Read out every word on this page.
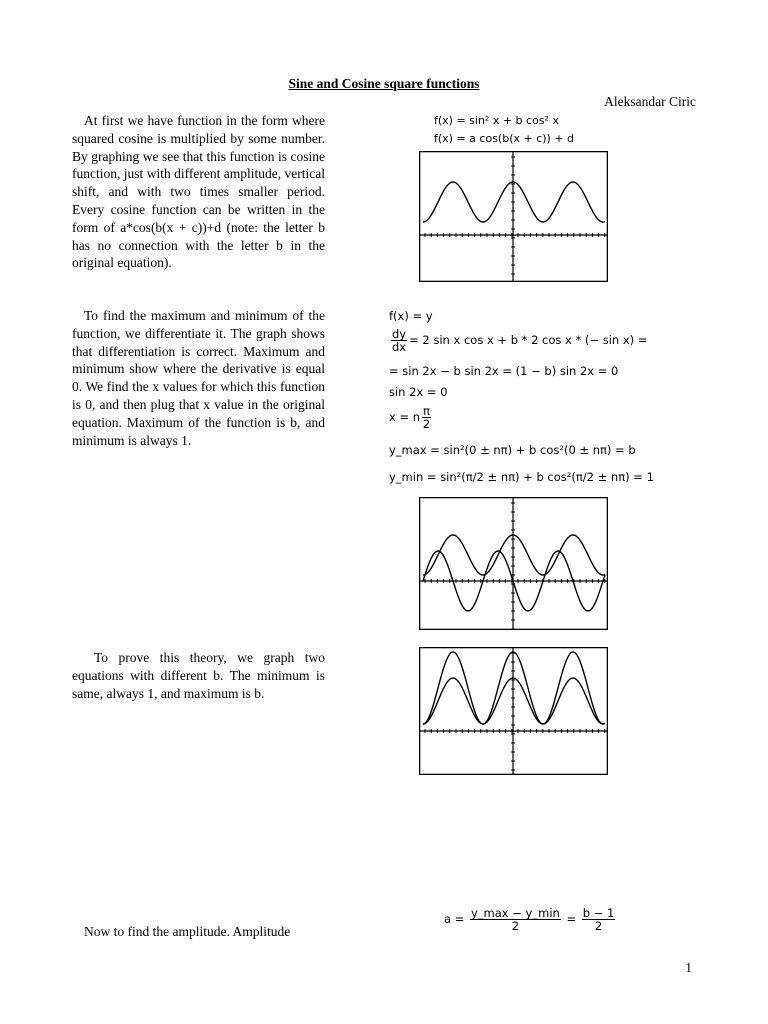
Sine and Cosine square functions
Aleksandar Ciric
At first we have function in the form where squared cosine is multiplied by some number. By graphing we see that this function is cosine function, just with different amplitude, vertical shift, and with two times smaller period. Every cosine function can be written in the form of a*cos(b(x + c))+d (note: the letter b has no connection with the letter b in the original equation).
To find the maximum and minimum of the function, we differentiate it. The graph shows that differentiation is correct. Maximum and minimum show where the derivative is equal 0. We find the x values for which this function is 0, and then plug that x value in the original equation. Maximum of the function is b, and minimum is always 1.
To prove this theory, we graph two equations with different b. The minimum is same, always 1, and maximum is b.
Now to find the amplitude. Amplitude
f(x) = sin² x + b cos² x
f(x) = a cos(b(x + c)) + d
f(x) = y
$\frac{dy}{dx} = 2$ sin x cos x + b * 2 cos x * (− sin x) =
= sin 2x − b sin 2x = (1 − b) sin 2x = 0
sin 2x = 0
x = n $\frac{\pi}{2}$
y_max = sin²(0 ± nπ) + b cos²(0 ± nπ) = b
y_min = sin²(π/2 ± nπ) + b cos²(π/2 ± nπ) = 1
$a = \frac{y\_\max - y\_\min}{2} = \frac{b - 1}{2}$
1
